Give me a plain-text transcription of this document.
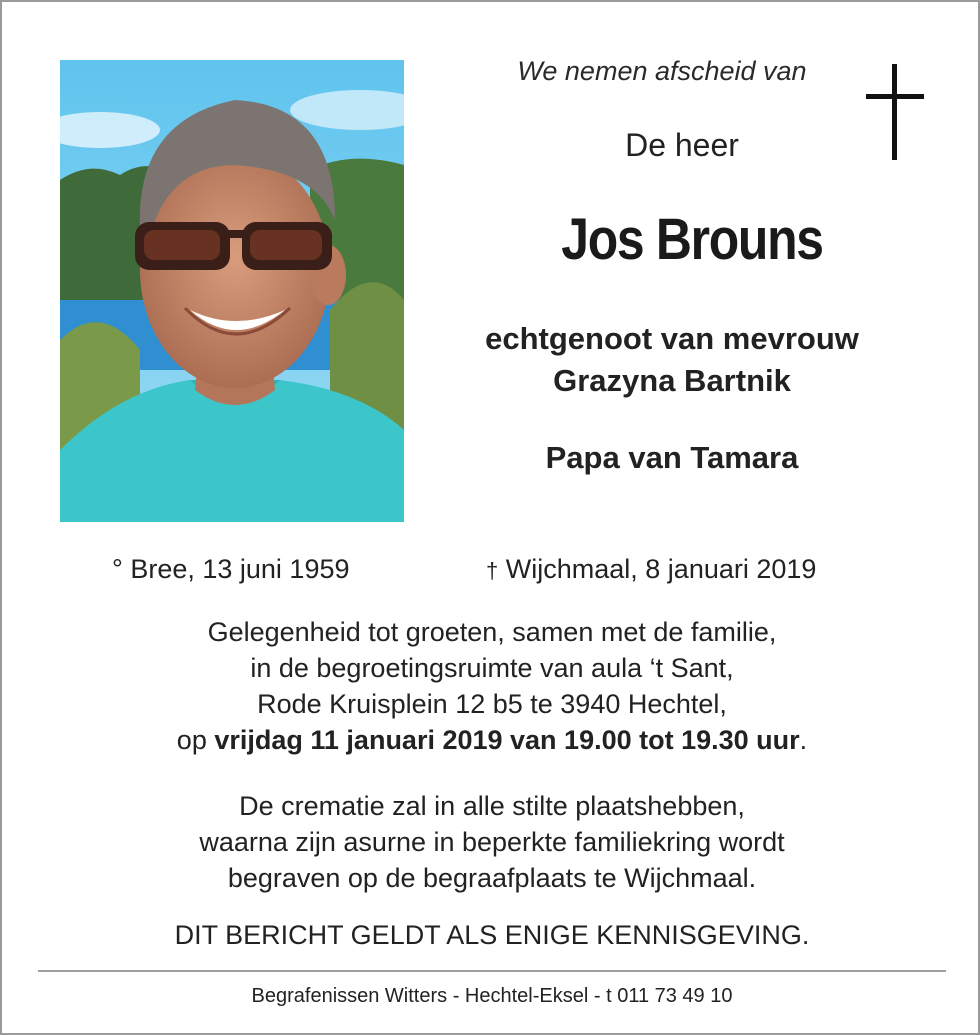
We nemen afscheid van
De heer
Jos Brouns
echtgenoot van mevrouw
Grazyna Bartnik
Papa van Tamara
° Bree, 13 juni 1959	† Wijchmaal, 8 januari 2019
Gelegenheid tot groeten, samen met de familie,
in de begroetingsruimte van aula ‘t Sant,
Rode Kruisplein 12 b5 te 3940 Hechtel,
op vrijdag 11 januari 2019 van 19.00 tot 19.30 uur.
De crematie zal in alle stilte plaatshebben,
waarna zijn asurne in beperkte familiekring wordt
begraven op de begraafplaats te Wijchmaal.
DIT BERICHT GELDT ALS ENIGE KENNISGEVING.
Begrafenissen Witters - Hechtel-Eksel - t 011 73 49 10
